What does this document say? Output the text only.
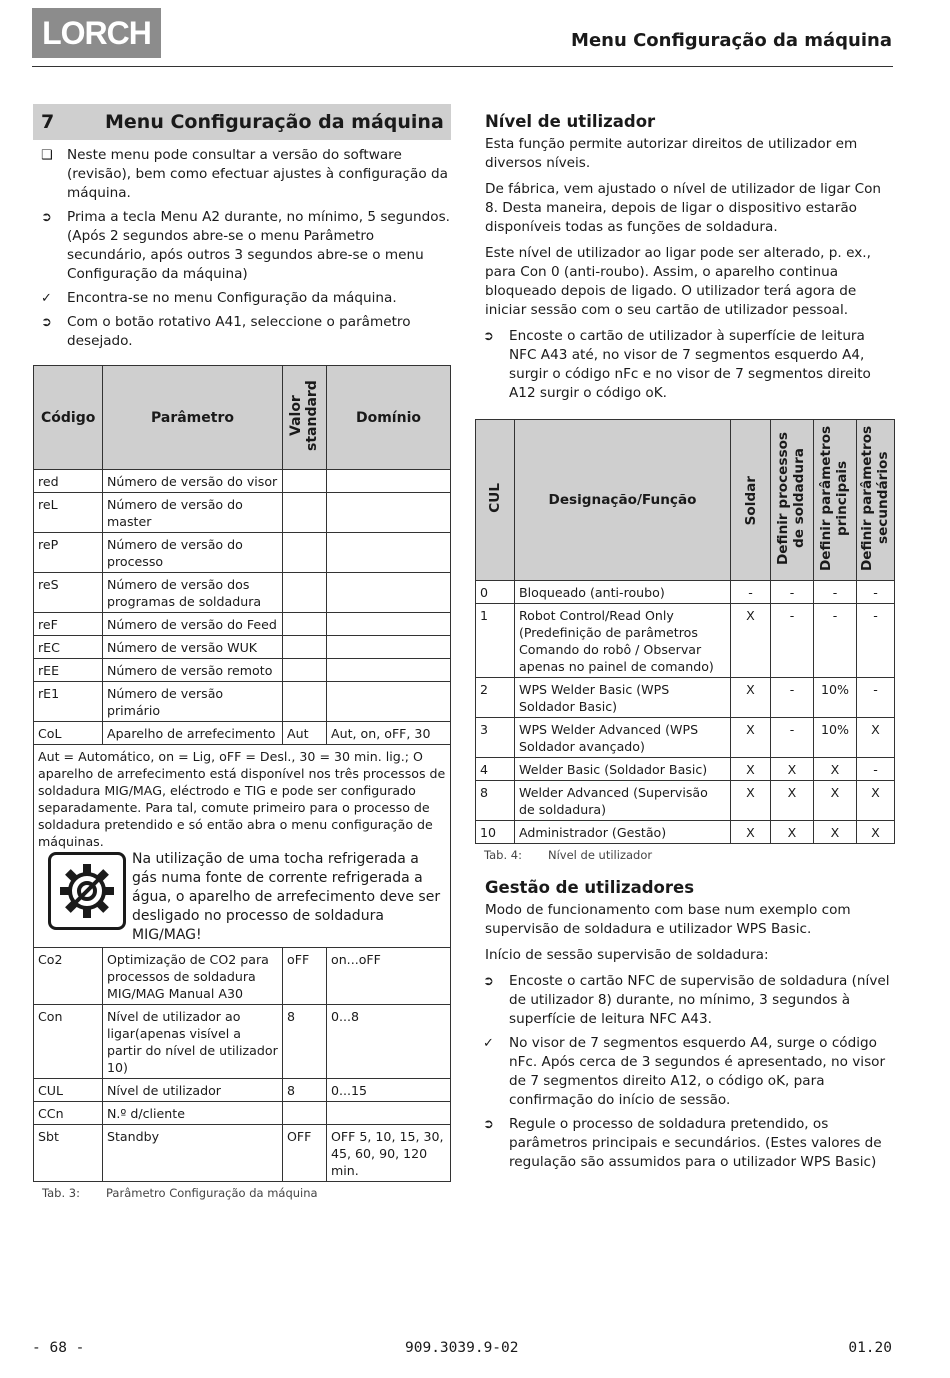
LORCH	Menu Configuração da máquina
7	Menu Configuração da máquina
❑	Neste menu pode consultar a versão do software (revisão), bem como efectuar ajustes à configuração da máquina.
➲	Prima a tecla Menu A2 durante, no mínimo, 5 segundos. (Após 2 segundos abre-se o menu Parâmetro secundário, após outros 3 segundos abre-se o menu Configuração da máquina)
✓	Encontra-se no menu Configuração da máquina.
➲	Com o botão rotativo A41, seleccione o parâmetro desejado.
Código	Parâmetro	Valor standard	Domínio
red	Número de versão do visor		
reL	Número de versão do master		
reP	Número de versão do processo		
reS	Número de versão dos programas de soldadura		
reF	Número de versão do Feed		
rEC	Número de versão WUK		
rEE	Número de versão remoto		
rE1	Número de versão primário		
CoL	Aparelho de arrefecimento	Aut	Aut, on, oFF, 30

Aut = Automático, on = Lig, oFF = Desl., 30 = 30 min. lig.; O aparelho de arrefecimento está disponível nos três processos de soldadura MIG/MAG, eléctrodo e TIG e pode ser configurado separadamente. Para tal, comute primeiro para o processo de soldadura pretendido e só então abra o menu configuração de máquinas.
Na utilização de uma tocha refrigerada a gás numa fonte de corrente refrigerada a água, o aparelho de arrefecimento deve ser desligado no processo de soldadura MIG/MAG!			

Co2	Optimização de CO2 para processos de soldadura MIG/MAG Manual A30	oFF	on...oFF
Con	Nível de utilizador ao ligar(apenas visível a partir do nível de utilizador 10)	8	0...8
CUL	Nível de utilizador	8	0...15
CCn	N.º d/cliente		
Sbt	Standby	OFF	OFF 5, 10, 15, 30, 45, 60, 90, 120 min.
Tab. 3:	Parâmetro Configuração da máquina
Nível de utilizador
Esta função permite autorizar direitos de utilizador em diversos níveis.
De fábrica, vem ajustado o nível de utilizador de ligar Con 8. Desta maneira, depois de ligar o dispositivo estarão disponíveis todas as funções de soldadura.
Este nível de utilizador ao ligar pode ser alterado, p. ex., para Con 0 (anti-roubo). Assim, o aparelho continua bloqueado depois de ligado. O utilizador terá agora de iniciar sessão com o seu cartão de utilizador pessoal.
➲	Encoste o cartão de utilizador à superfície de leitura NFC A43 até, no visor de 7 segmentos esquerdo A4, surgir o código nFc e no visor de 7 segmentos direito A12 surgir o código oK.
CUL	Designação/Função	Soldar	Definir processos de soldadura	Definir parâmetros principais	Definir parâmetros secundários
0	Bloqueado (anti-roubo)	-	-	-	-
1	Robot Control/Read Only (Predefinição de parâmetros Comando do robô / Observar apenas no painel de comando)	X	-	-	-
2	WPS Welder Basic (WPS Soldador Basic)	X	-	10%	-
3	WPS Welder Advanced (WPS Soldador avançado)	X	-	10%	X
4	Welder Basic (Soldador Basic)	X	X	X	-
8	Welder Advanced (Supervisão de soldadura)	X	X	X	X
10	Administrador (Gestão)	X	X	X	X
Tab. 4:	Nível de utilizador
Gestão de utilizadores
Modo de funcionamento com base num exemplo com supervisão de soldadura e utilizador WPS Basic.
Início de sessão supervisão de soldadura:
➲	Encoste o cartão NFC de supervisão de soldadura (nível de utilizador 8) durante, no mínimo, 3 segundos à superfície de leitura NFC A43.
✓	No visor de 7 segmentos esquerdo A4, surge o código nFc. Após cerca de 3 segundos é apresentado, no visor de 7 segmentos direito A12, o código oK, para confirmação do início de sessão.
➲	Regule o processo de soldadura pretendido, os parâmetros principais e secundários. (Estes valores de regulação são assumidos para o utilizador WPS Basic)
- 68 -	909.3039.9-02	01.20
